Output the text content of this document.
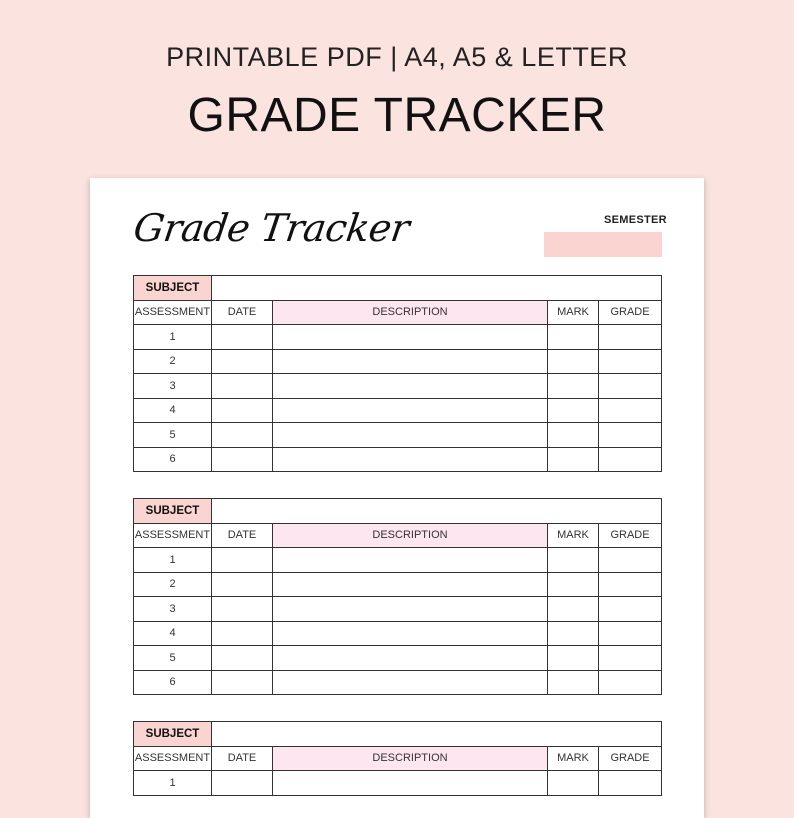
PRINTABLE PDF | A4, A5 & LETTER
GRADE TRACKER
Grade Tracker	SEMESTER
SUBJECT				
ASSESSMENT	DATE	DESCRIPTION	MARK	GRADE
1				
2				
3				
4				
5				
6				
SUBJECT				
ASSESSMENT	DATE	DESCRIPTION	MARK	GRADE
1				
2				
3				
4				
5				
6				
SUBJECT				
ASSESSMENT	DATE	DESCRIPTION	MARK	GRADE
1				
